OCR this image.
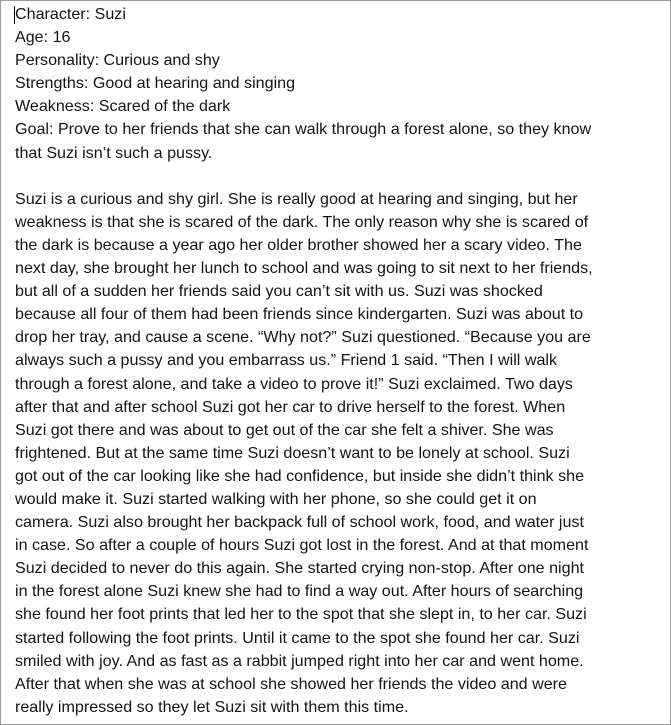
Character: Suzi

Age: 16

Personality: Curious and shy

Strengths: Good at hearing and singing

Weakness: Scared of the dark

Goal: Prove to her friends that she can walk through a forest alone, so they know

that Suzi isn’t such a pussy.

Suzi is a curious and shy girl. She is really good at hearing and singing, but her

weakness is that she is scared of the dark. The only reason why she is scared of

the dark is because a year ago her older brother showed her a scary video. The

next day, she brought her lunch to school and was going to sit next to her friends,

but all of a sudden her friends said you can’t sit with us. Suzi was shocked

because all four of them had been friends since kindergarten. Suzi was about to

drop her tray, and cause a scene. “Why not?” Suzi questioned. “Because you are

always such a pussy and you embarrass us.” Friend 1 said. “Then I will walk

through a forest alone, and take a video to prove it!” Suzi exclaimed. Two days

after that and after school Suzi got her car to drive herself to the forest. When

Suzi got there and was about to get out of the car she felt a shiver. She was

frightened. But at the same time Suzi doesn’t want to be lonely at school. Suzi

got out of the car looking like she had confidence, but inside she didn’t think she

would make it. Suzi started walking with her phone, so she could get it on

camera. Suzi also brought her backpack full of school work, food, and water just

in case. So after a couple of hours Suzi got lost in the forest. And at that moment

Suzi decided to never do this again. She started crying non-stop. After one night

in the forest alone Suzi knew she had to find a way out. After hours of searching

she found her foot prints that led her to the spot that she slept in, to her car. Suzi

started following the foot prints. Until it came to the spot she found her car. Suzi

smiled with joy. And as fast as a rabbit jumped right into her car and went home.

After that when she was at school she showed her friends the video and were

really impressed so they let Suzi sit with them this time.
